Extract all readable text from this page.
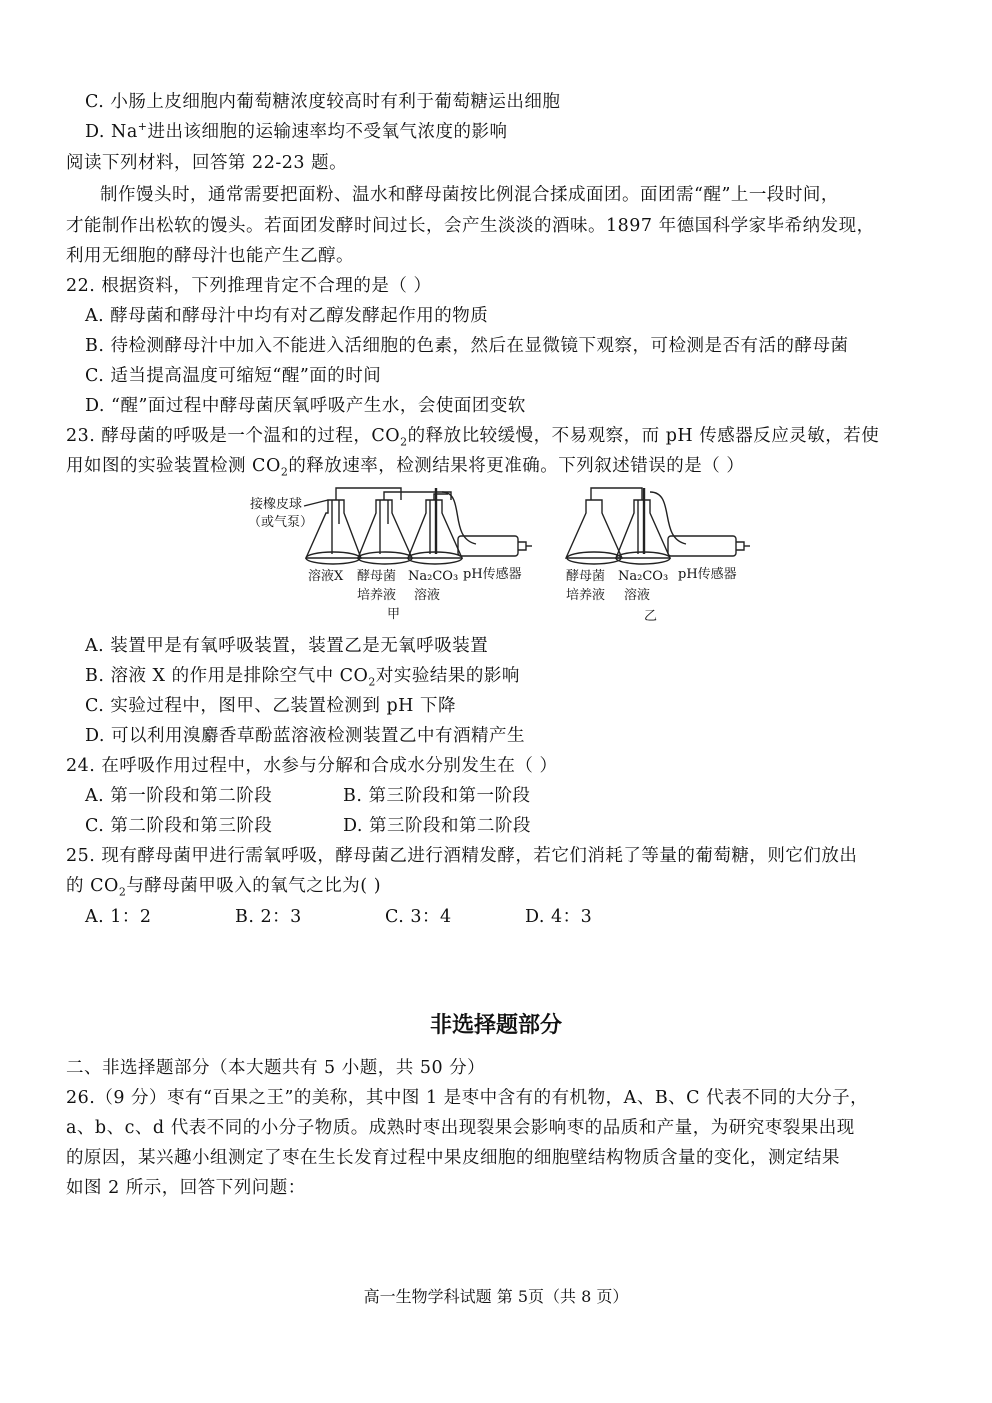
C. 小肠上皮细胞内葡萄糖浓度较高时有利于葡萄糖运出细胞
D. Na+进出该细胞的运输速率均不受氧气浓度的影响
阅读下列材料，回答第 22-23 题。
制作馒头时，通常需要把面粉、温水和酵母菌按比例混合揉成面团。面团需“醒”上一段时间，
才能制作出松软的馒头。若面团发酵时间过长，会产生淡淡的酒味。1897 年德国科学家毕希纳发现，
利用无细胞的酵母汁也能产生乙醇。
22. 根据资料，下列推理肯定不合理的是（ ）
A. 酵母菌和酵母汁中均有对乙醇发酵起作用的物质
B. 待检测酵母汁中加入不能进入活细胞的色素，然后在显微镜下观察，可检测是否有活的酵母菌
C. 适当提高温度可缩短“醒”面的时间
D. “醒”面过程中酵母菌厌氧呼吸产生水，会使面团变软
23. 酵母菌的呼吸是一个温和的过程，$CO_2$的释放比较缓慢，不易观察，而 pH 传感器反应灵敏，若使
用如图的实验装置检测 $CO_2$的释放速率，检测结果将更准确。下列叙述错误的是（ ）
接橡皮球
（或气泵）
溶液X 酵母菌
培养液
Na₂CO₃
溶液
pH传感器
甲
酵母菌
培养液
Na₂CO₃
溶液
pH传感器
乙
A. 装置甲是有氧呼吸装置，装置乙是无氧呼吸装置
B. 溶液 X 的作用是排除空气中 $CO_2$对实验结果的影响
C. 实验过程中，图甲、乙装置检测到 pH 下降
D. 可以利用溴麝香草酚蓝溶液检测装置乙中有酒精产生
24. 在呼吸作用过程中，水参与分解和合成水分别发生在（ ）
A. 第一阶段和第二阶段	B. 第三阶段和第一阶段
C. 第二阶段和第三阶段	D. 第三阶段和第二阶段
25. 现有酵母菌甲进行需氧呼吸，酵母菌乙进行酒精发酵，若它们消耗了等量的葡萄糖，则它们放出
的 $CO_2$与酵母菌甲吸入的氧气之比为( )
A. 1：2	B. 2：3	C. 3：4	D. 4：3
非选择题部分
二、非选择题部分（本大题共有 5 小题，共 50 分）
26.（9 分）枣有“百果之王”的美称，其中图 1 是枣中含有的有机物，A、B、C 代表不同的大分子，
a、b、c、d 代表不同的小分子物质。成熟时枣出现裂果会影响枣的品质和产量，为研究枣裂果出现
的原因，某兴趣小组测定了枣在生长发育过程中果皮细胞的细胞壁结构物质含量的变化，测定结果
如图 2 所示，回答下列问题：
高一生物学科试题 第 5页（共 8 页）
